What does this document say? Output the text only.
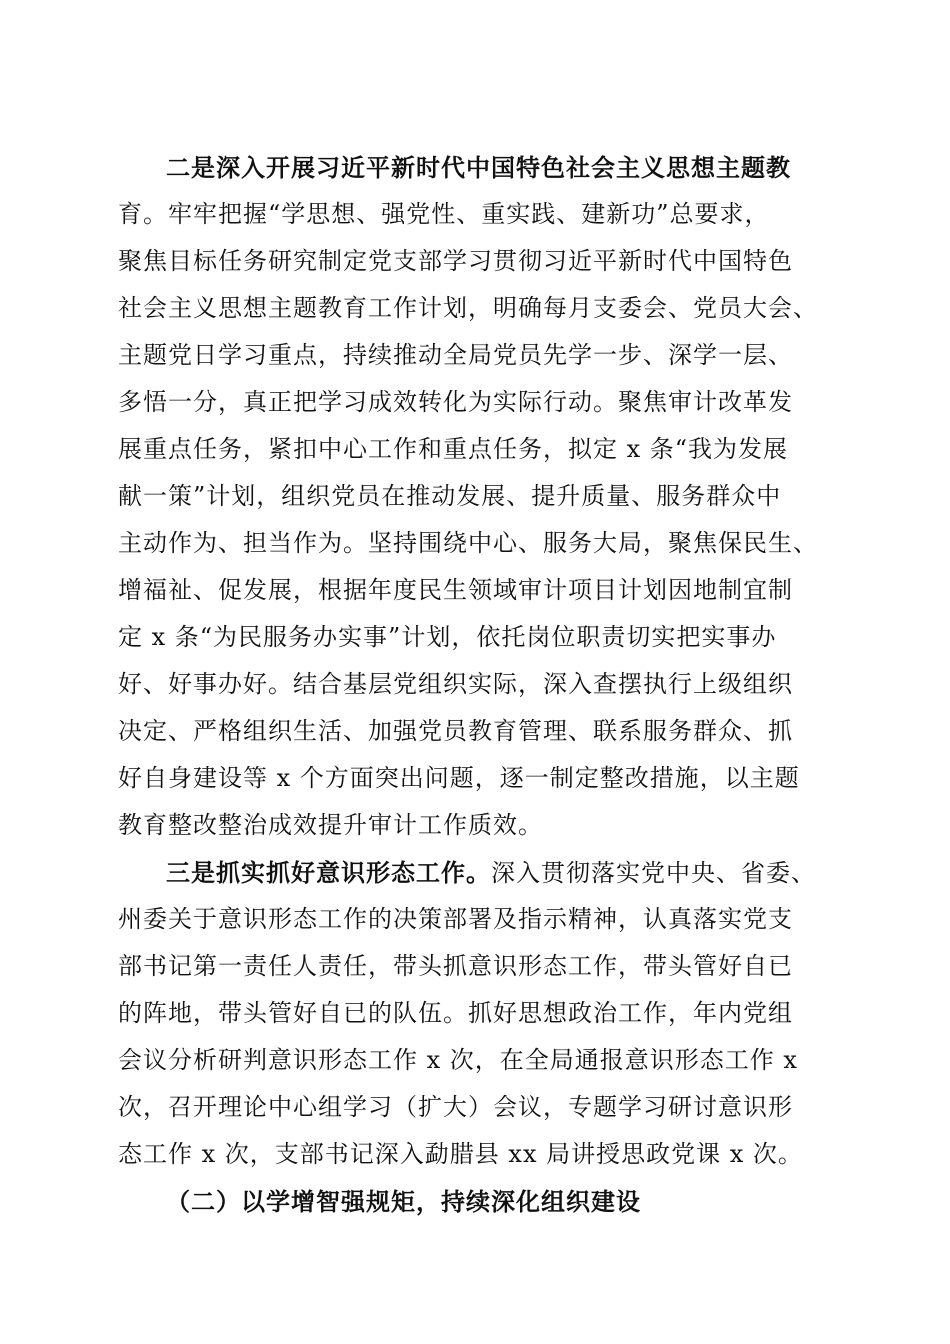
二是深入开展习近平新时代中国特色社会主义思想主题教
育。牢牢把握“学思想、强党性、重实践、建新功”总要求，
聚焦目标任务研究制定党支部学习贯彻习近平新时代中国特色
社会主义思想主题教育工作计划，明确每月支委会、党员大会、
主题党日学习重点，持续推动全局党员先学一步、深学一层、
多悟一分，真正把学习成效转化为实际行动。聚焦审计改革发
展重点任务，紧扣中心工作和重点任务，拟定 x 条“我为发展
献一策”计划，组织党员在推动发展、提升质量、服务群众中
主动作为、担当作为。坚持围绕中心、服务大局，聚焦保民生、
增福祉、促发展，根据年度民生领域审计项目计划因地制宜制
定 x 条“为民服务办实事”计划，依托岗位职责切实把实事办
好、好事办好。结合基层党组织实际，深入查摆执行上级组织
决定、严格组织生活、加强党员教育管理、联系服务群众、抓
好自身建设等 x 个方面突出问题，逐一制定整改措施，以主题
教育整改整治成效提升审计工作质效。
三是抓实抓好意识形态工作。深入贯彻落实党中央、省委、
州委关于意识形态工作的决策部署及指示精神，认真落实党支
部书记第一责任人责任，带头抓意识形态工作，带头管好自已
的阵地，带头管好自已的队伍。抓好思想政治工作，年内党组
会议分析研判意识形态工作 x 次，在全局通报意识形态工作 x
次，召开理论中心组学习（扩大）会议，专题学习研讨意识形
态工作 x 次，支部书记深入勐腊县 xx 局讲授思政党课 x 次。
（二）以学增智强规矩，持续深化组织建设
